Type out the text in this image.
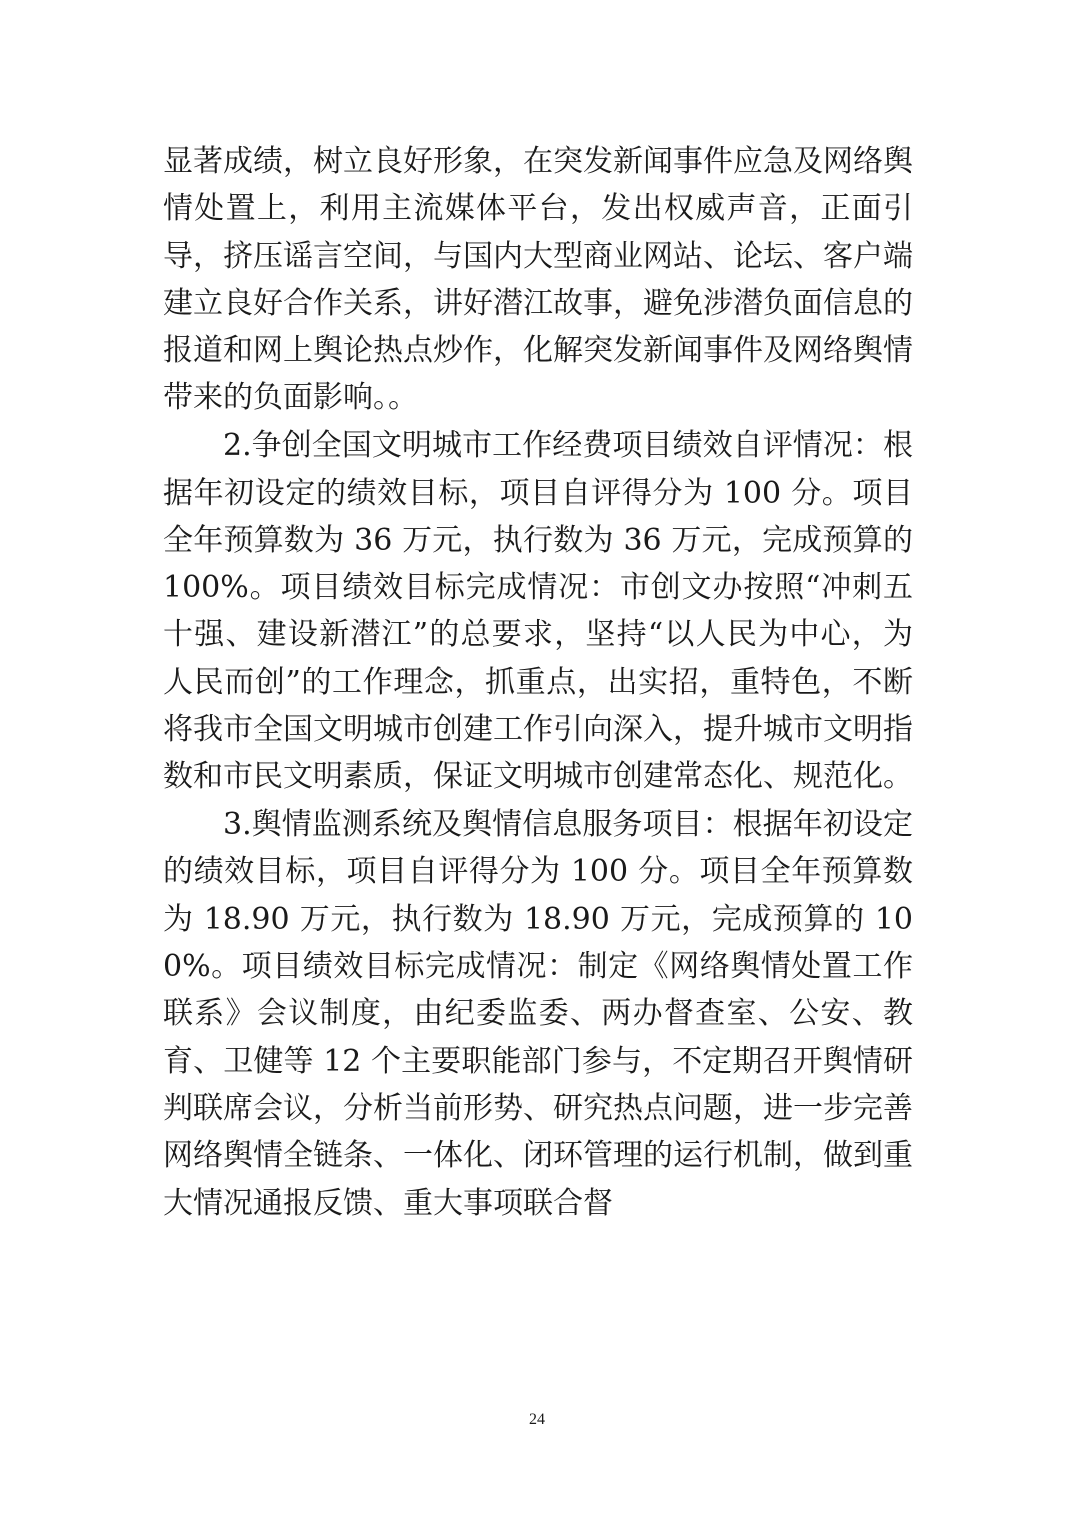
显著成绩，树立良好形象，在突发新闻事件应急及网络舆情处置上，利用主流媒体平台，发出权威声音，正面引导，挤压谣言空间，与国内大型商业网站、论坛、客户端建立良好合作关系，讲好潜江故事，避免涉潜负面信息的报道和网上舆论热点炒作，化解突发新闻事件及网络舆情带来的负面影响。。

2.争创全国文明城市工作经费项目绩效自评情况：根据年初设定的绩效目标，项目自评得分为 100 分。项目全年预算数为 36 万元，执行数为 36 万元，完成预算的 100%。项目绩效目标完成情况：市创文办按照“冲刺五十强、建设新潜江”的总要求，坚持“以人民为中心，为人民而创”的工作理念，抓重点，出实招，重特色，不断将我市全国文明城市创建工作引向深入，提升城市文明指数和市民文明素质，保证文明城市创建常态化、规范化。

3.舆情监测系统及舆情信息服务项目：根据年初设定的绩效目标，项目自评得分为 100 分。项目全年预算数为 18.90 万元，执行数为 18.90 万元，完成预算的 100%。项目绩效目标完成情况：制定《网络舆情处置工作联系》会议制度，由纪委监委、两办督查室、公安、教育、卫健等 12 个主要职能部门参与，不定期召开舆情研判联席会议，分析当前形势、研究热点问题，进一步完善网络舆情全链条、一体化、闭环管理的运行机制，做到重大情况通报反馈、重大事项联合督

24
